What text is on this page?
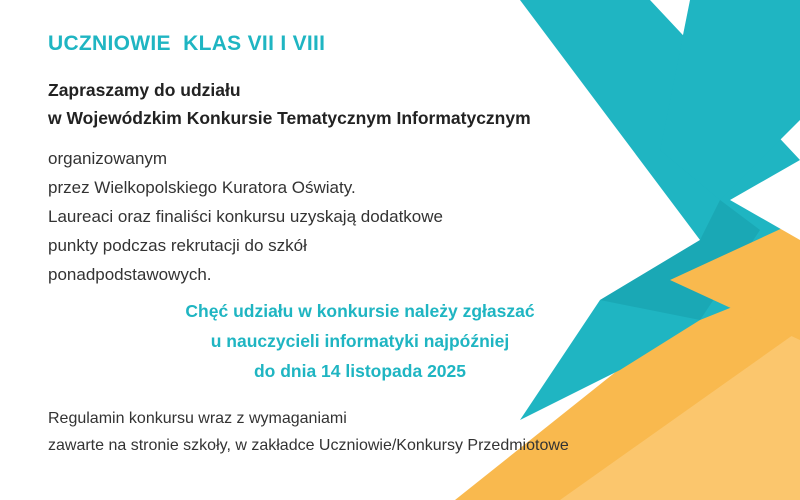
UCZNIOWIE  KLAS VII I VIII

Zapraszamy do udziału
w Wojewódzkim Konkursie Tematycznym Informatycznym

organizowanym
przez Wielkopolskiego Kuratora Oświaty.
Laureaci oraz finaliści konkursu uzyskają dodatkowe
punkty podczas rekrutacji do szkół
ponadpodstawowych.

Chęć udziału w konkursie należy zgłaszać
u nauczycieli informatyki najpóźniej
do dnia 14 listopada 2025

Regulamin konkursu wraz z wymaganiami
zawarte na stronie szkoły, w zakładce Uczniowie/Konkursy Przedmiotowe
